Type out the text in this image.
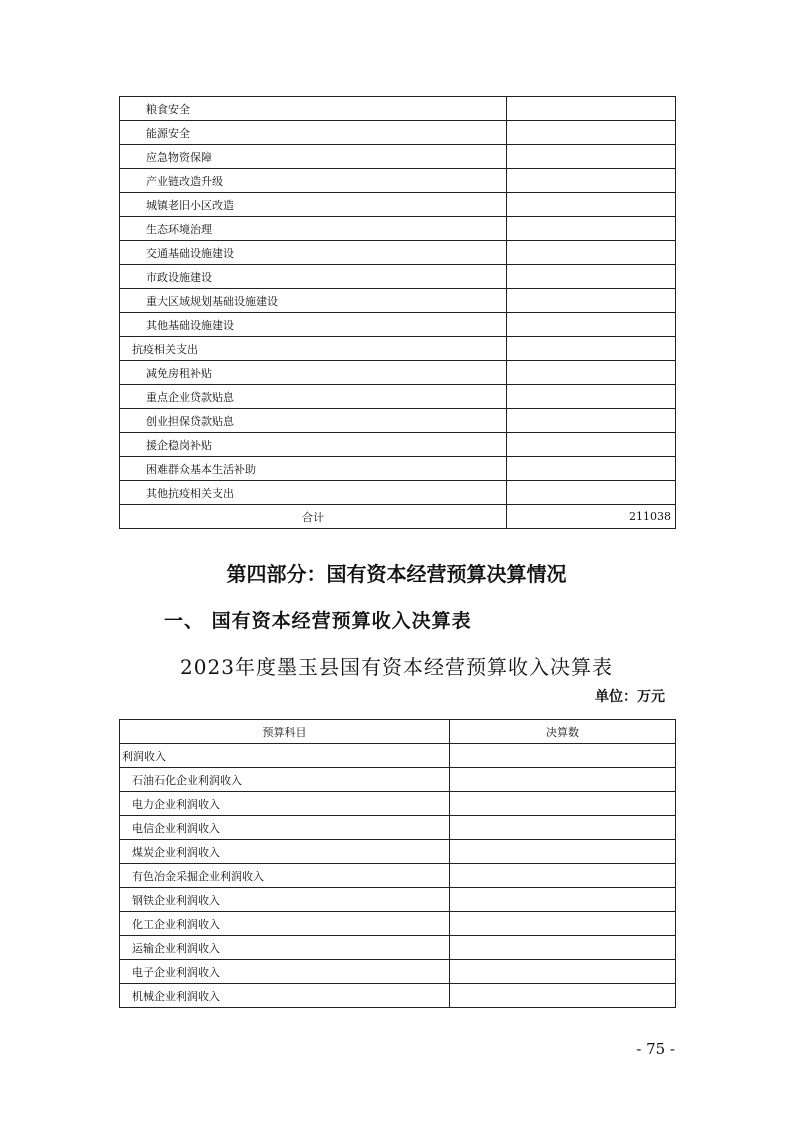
粮食安全	
能源安全	
应急物资保障	
产业链改造升级	
城镇老旧小区改造	
生态环境治理	
交通基础设施建设	
市政设施建设	
重大区域规划基础设施建设	
其他基础设施建设	
抗疫相关支出	
减免房租补贴	
重点企业贷款贴息	
创业担保贷款贴息	
援企稳岗补贴	
困难群众基本生活补助	
其他抗疫相关支出	
合计	211038
第四部分：国有资本经营预算决算情况
一、 国有资本经营预算收入决算表
2023年度墨玉县国有资本经营预算收入决算表
单位：万元
预算科目	决算数
利润收入	
石油石化企业利润收入	
电力企业利润收入	
电信企业利润收入	
煤炭企业利润收入	
有色冶金采掘企业利润收入	
钢铁企业利润收入	
化工企业利润收入	
运输企业利润收入	
电子企业利润收入	
机械企业利润收入	
- 75 -
